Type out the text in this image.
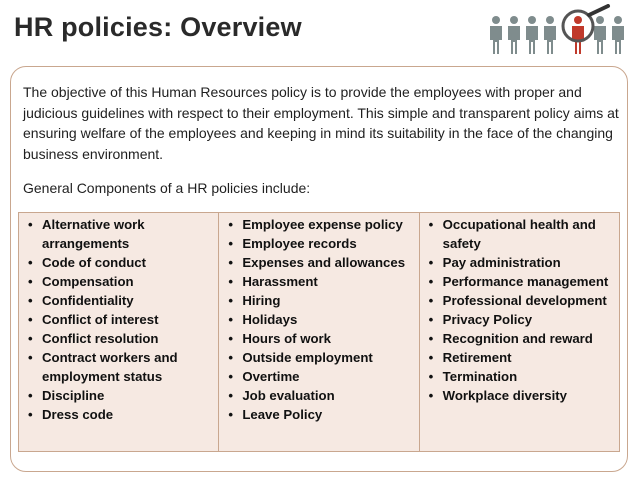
HR policies: Overview

The objective of this Human Resources policy is to provide the employees with proper and judicious guidelines with respect to their employment. This simple and transparent policy aims at ensuring welfare of the employees and keeping in mind its suitability in the face of the changing business environment.

General Components of a HR policies include:

• Alternative work arrangements
• Code of conduct
• Compensation
• Confidentiality
• Conflict of interest
• Conflict resolution
• Contract workers and employment status
• Discipline
• Dress code
• Employee expense policy
• Employee records
• Expenses and allowances
• Harassment
• Hiring
• Holidays
• Hours of work
• Outside employment
• Overtime
• Job evaluation
• Leave Policy
• Occupational health and safety
• Pay administration
• Performance management
• Professional development
• Privacy Policy
• Recognition and reward
• Retirement
• Termination
• Workplace diversity
